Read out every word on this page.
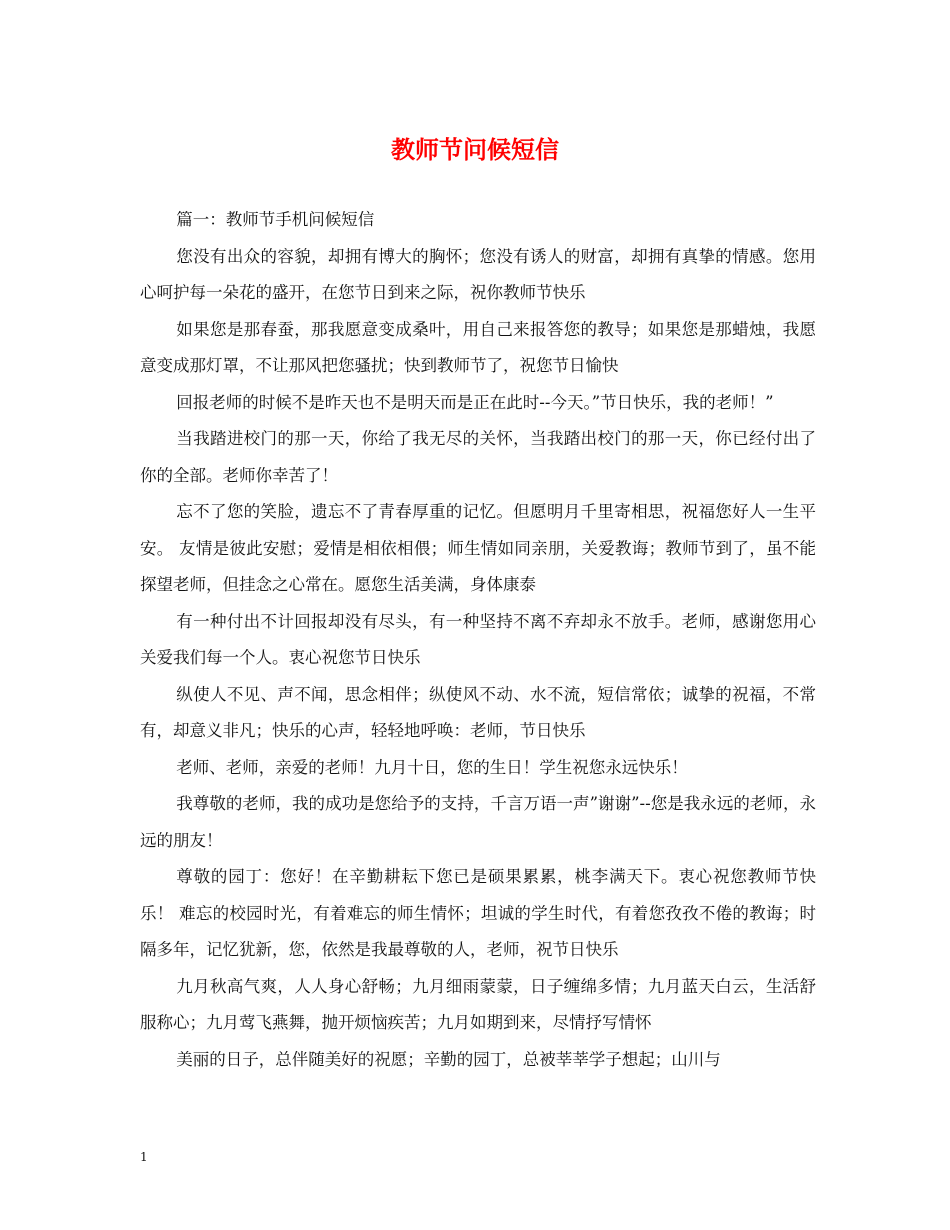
教师节问候短信

篇一：教师节手机问候短信

您没有出众的容貌，却拥有博大的胸怀；您没有诱人的财富，却拥有真挚的情感。您用心呵护每一朵花的盛开，在您节日到来之际，祝你教师节快乐

如果您是那春蚕，那我愿意变成桑叶，用自己来报答您的教导；如果您是那蜡烛，我愿意变成那灯罩，不让那风把您骚扰；快到教师节了，祝您节日愉快

回报老师的时候不是昨天也不是明天而是正在此时--今天。”节日快乐，我的老师！”

当我踏进校门的那一天，你给了我无尽的关怀，当我踏出校门的那一天，你已经付出了你的全部。老师你幸苦了！

忘不了您的笑脸，遗忘不了青春厚重的记忆。但愿明月千里寄相思，祝福您好人一生平安。 友情是彼此安慰；爱情是相依相偎；师生情如同亲朋，关爱教诲；教师节到了，虽不能探望老师，但挂念之心常在。愿您生活美满，身体康泰

有一种付出不计回报却没有尽头，有一种坚持不离不弃却永不放手。老师，感谢您用心关爱我们每一个人。衷心祝您节日快乐

纵使人不见、声不闻，思念相伴；纵使风不动、水不流，短信常依；诚挚的祝福，不常有，却意义非凡；快乐的心声，轻轻地呼唤：老师，节日快乐

老师、老师，亲爱的老师！九月十日，您的生日！学生祝您永远快乐！

我尊敬的老师，我的成功是您给予的支持，千言万语一声”谢谢”--您是我永远的老师，永远的朋友！

尊敬的园丁：您好！在辛勤耕耘下您已是硕果累累，桃李满天下。衷心祝您教师节快乐！ 难忘的校园时光，有着难忘的师生情怀；坦诚的学生时代，有着您孜孜不倦的教诲；时隔多年，记忆犹新，您，依然是我最尊敬的人，老师，祝节日快乐

九月秋高气爽，人人身心舒畅；九月细雨蒙蒙，日子缠绵多情；九月蓝天白云，生活舒服称心；九月莺飞燕舞，抛开烦恼疾苦；九月如期到来，尽情抒写情怀

美丽的日子，总伴随美好的祝愿；辛勤的园丁，总被莘莘学子想起；山川与

1
